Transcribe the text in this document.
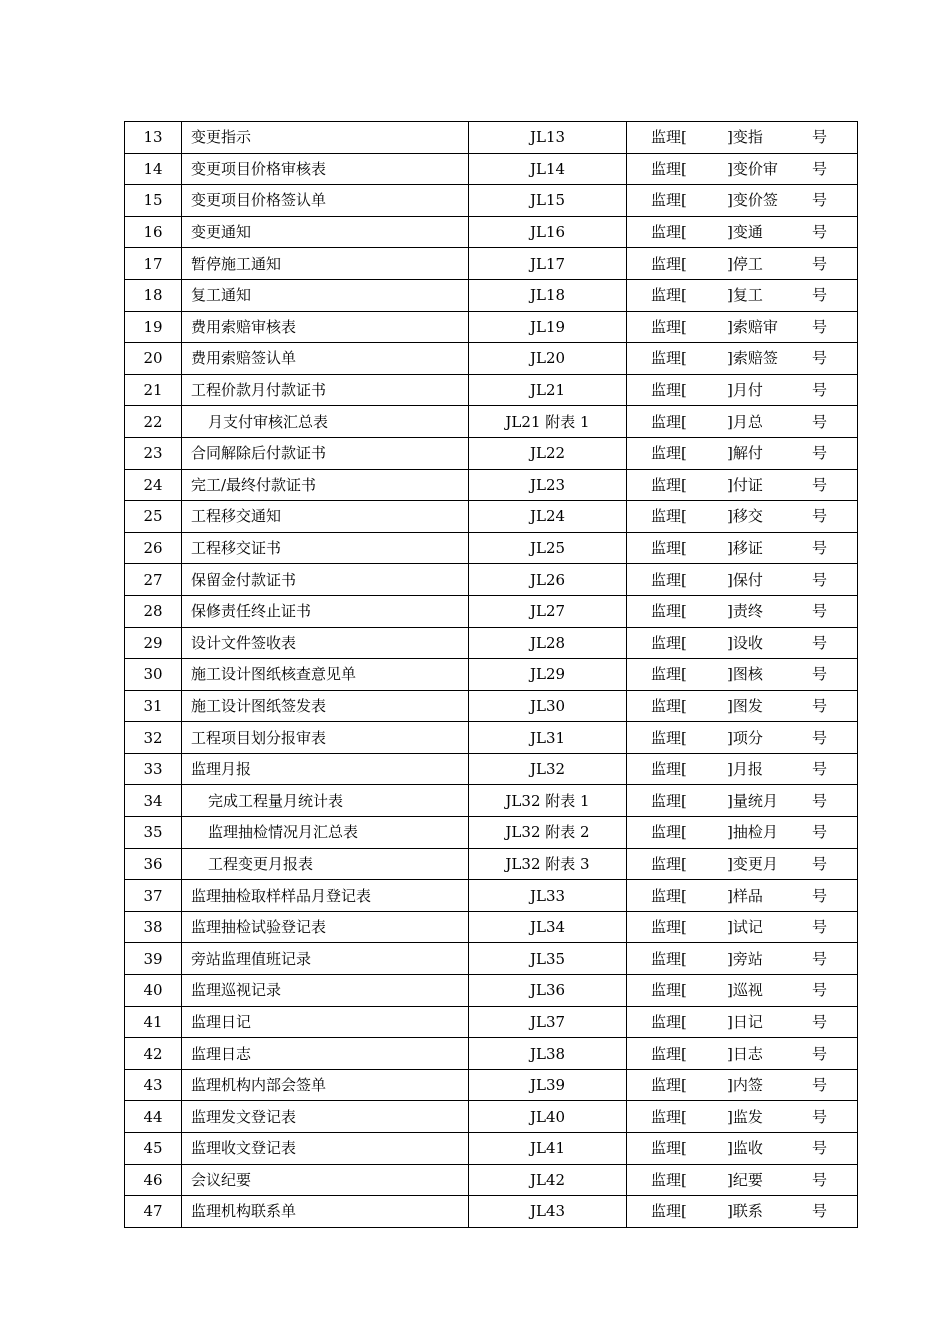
13	变更指示	JL13	监理[ ]变指 号

14	变更项目价格审核表	JL14	监理[ ]变价审 号

15	变更项目价格签认单	JL15	监理[ ]变价签 号

16	变更通知	JL16	监理[ ]变通 号

17	暂停施工通知	JL17	监理[ ]停工 号

18	复工通知	JL18	监理[ ]复工 号

19	费用索赔审核表	JL19	监理[ ]索赔审 号

20	费用索赔签认单	JL20	监理[ ]索赔签 号

21	工程价款月付款证书	JL21	监理[ ]月付 号

22	月支付审核汇总表	JL21 附表 1	监理[ ]月总 号

23	合同解除后付款证书	JL22	监理[ ]解付 号

24	完工/最终付款证书	JL23	监理[ ]付证 号

25	工程移交通知	JL24	监理[ ]移交 号

26	工程移交证书	JL25	监理[ ]移证 号

27	保留金付款证书	JL26	监理[ ]保付 号

28	保修责任终止证书	JL27	监理[ ]责终 号

29	设计文件签收表	JL28	监理[ ]设收 号

30	施工设计图纸核查意见单	JL29	监理[ ]图核 号

31	施工设计图纸签发表	JL30	监理[ ]图发 号

32	工程项目划分报审表	JL31	监理[ ]项分 号

33	监理月报	JL32	监理[ ]月报 号

34	完成工程量月统计表	JL32 附表 1	监理[ ]量统月 号

35	监理抽检情况月汇总表	JL32 附表 2	监理[ ]抽检月 号

36	工程变更月报表	JL32 附表 3	监理[ ]变更月 号

37	监理抽检取样样品月登记表	JL33	监理[ ]样品 号

38	监理抽检试验登记表	JL34	监理[ ]试记 号

39	旁站监理值班记录	JL35	监理[ ]旁站 号

40	监理巡视记录	JL36	监理[ ]巡视 号

41	监理日记	JL37	监理[ ]日记 号

42	监理日志	JL38	监理[ ]日志 号

43	监理机构内部会签单	JL39	监理[ ]内签 号

44	监理发文登记表	JL40	监理[ ]监发 号

45	监理收文登记表	JL41	监理[ ]监收 号

46	会议纪要	JL42	监理[ ]纪要 号

47	监理机构联系单	JL43	监理[ ]联系 号
